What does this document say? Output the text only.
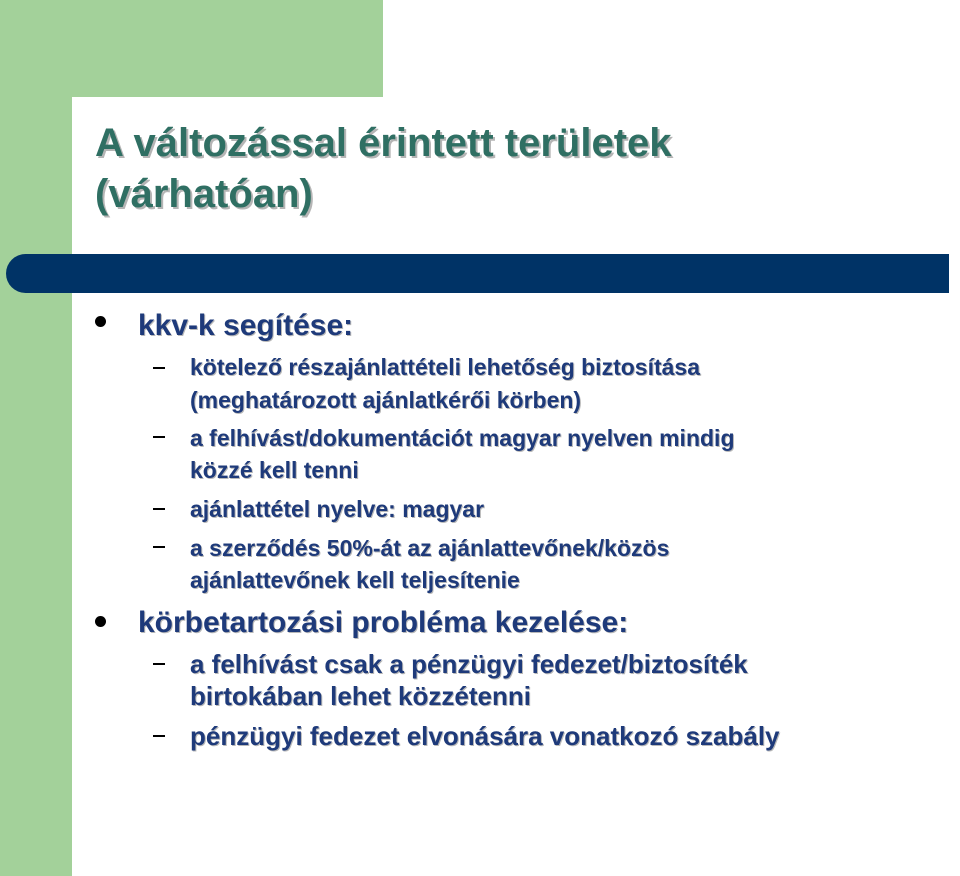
A változással érintett területek
(várhatóan)

kkv-k segítése:

kötelező részajánlattételi lehetőség biztosítása

(meghatározott ajánlatkérői körben)

a felhívást/dokumentációt magyar nyelven mindig

közzé kell tenni

ajánlattétel nyelve: magyar

a szerződés 50%-át az ajánlattevőnek/közös

ajánlattevőnek kell teljesítenie

körbetartozási probléma kezelése:

a felhívást csak a pénzügyi fedezet/biztosíték

birtokában lehet közzétenni

pénzügyi fedezet elvonására vonatkozó szabály
